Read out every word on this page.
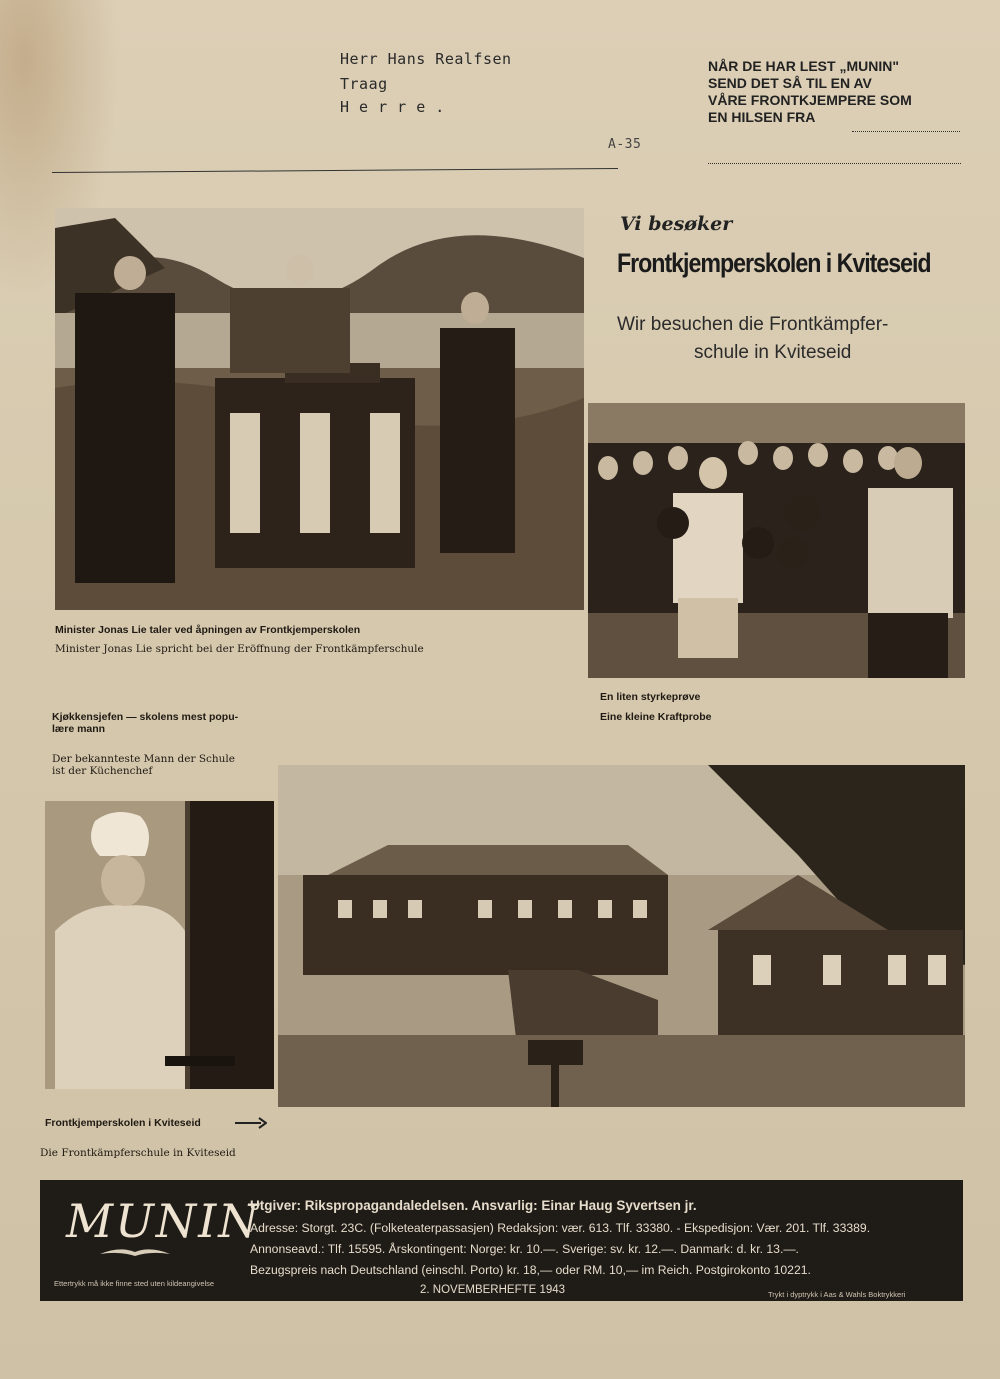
Herr Hans Realfsen
Traag
H e r r e .
A-35
NÅR DE HAR LEST „MUNIN"
SEND DET SÅ TIL EN AV
VÅRE FRONTKJEMPERE SOM
EN HILSEN FRA
Minister Jonas Lie taler ved åpningen av Frontkjemperskolen
Minister Jonas Lie spricht bei der Eröffnung der Frontkämpferschule
Vi besøker
Frontkjemperskolen i Kviteseid
Wir besuchen die Frontkämpfer-
schule in Kviteseid
En liten styrkeprøve
Eine kleine Kraftprobe
Kjøkkensjefen — skolens mest popu-
lære mann
Der bekannteste Mann der Schule
ist der Küchenchef
Frontkjemperskolen i Kviteseid
Die Frontkämpferschule in Kviteseid
MUNIN
Utgiver: Rikspropagandaledelsen. Ansvarlig: Einar Haug Syvertsen jr.
Adresse: Storgt. 23C. (Folketeaterpassasjen) Redaksjon: vær. 613. Tlf. 33380. - Ekspedisjon: Vær. 201. Tlf. 33389.
Annonseavd.: Tlf. 15595. Årskontingent: Norge: kr. 10.—. Sverige: sv. kr. 12.—. Danmark: d. kr. 13.—.
Bezugspreis nach Deutschland (einschl. Porto) kr. 18,— oder RM. 10,— im Reich. Postgirokonto 10221.
2. NOVEMBERHEFTE 1943
Ettertrykk må ikke finne sted uten kildeangivelse
Trykt i dyptrykk i Aas & Wahls Boktrykkeri
